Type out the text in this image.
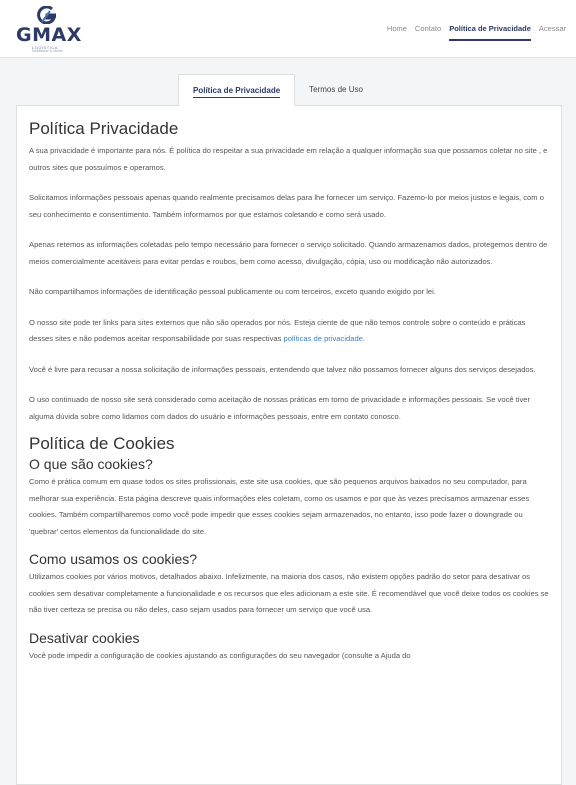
GMAX
LOGÍSTICA
Mobilidade & Ideias
Home	Contato	Política de Privacidade	Acessar
Política de Privacidade	Termos de Uso
Política Privacidade

A sua privacidade é importante para nós. É política do respeitar a sua privacidade em relação a qualquer informação sua que possamos coletar no site , e outros sites que possuímos e operamos.

Solicitamos informações pessoais apenas quando realmente precisamos delas para lhe fornecer um serviço. Fazemo-lo por meios justos e legais, com o seu conhecimento e consentimento. Também informamos por que estamos coletando e como será usado.

Apenas retemos as informações coletadas pelo tempo necessário para fornecer o serviço solicitado. Quando armazenamos dados, protegemos dentro de meios comercialmente aceitáveis para evitar perdas e roubos, bem como acesso, divulgação, cópia, uso ou modificação não autorizados.

Não compartilhamos informações de identificação pessoal publicamente ou com terceiros, exceto quando exigido por lei.

O nosso site pode ter links para sites externos que não são operados por nós. Esteja ciente de que não temos controle sobre o conteúdo e práticas desses sites e não podemos aceitar responsabilidade por suas respectivas políticas de privacidade.

Você é livre para recusar a nossa solicitação de informações pessoais, entendendo que talvez não possamos fornecer alguns dos serviços desejados.

O uso continuado de nosso site será considerado como aceitação de nossas práticas em torno de privacidade e informações pessoais. Se você tiver alguma dúvida sobre como lidamos com dados do usuário e informações pessoais, entre em contato conosco.

Política de Cookies
O que são cookies?

Como é prática comum em quase todos os sites profissionais, este site usa cookies, que são pequenos arquivos baixados no seu computador, para melhorar sua experiência. Esta página descreve quais informações eles coletam, como os usamos e por que às vezes precisamos armazenar esses cookies. Também compartilharemos como você pode impedir que esses cookies sejam armazenados, no entanto, isso pode fazer o downgrade ou 'quebrar' certos elementos da funcionalidade do site.

Como usamos os cookies?

Utilizamos cookies por vários motivos, detalhados abaixo. Infelizmente, na maioria dos casos, não existem opções padrão do setor para desativar os cookies sem desativar completamente a funcionalidade e os recursos que eles adicionam a este site. É recomendável que você deixe todos os cookies se não tiver certeza se precisa ou não deles, caso sejam usados para fornecer um serviço que você usa.

Desativar cookies

Você pode impedir a configuração de cookies ajustando as configurações do seu navegador (consulte a Ajuda do
